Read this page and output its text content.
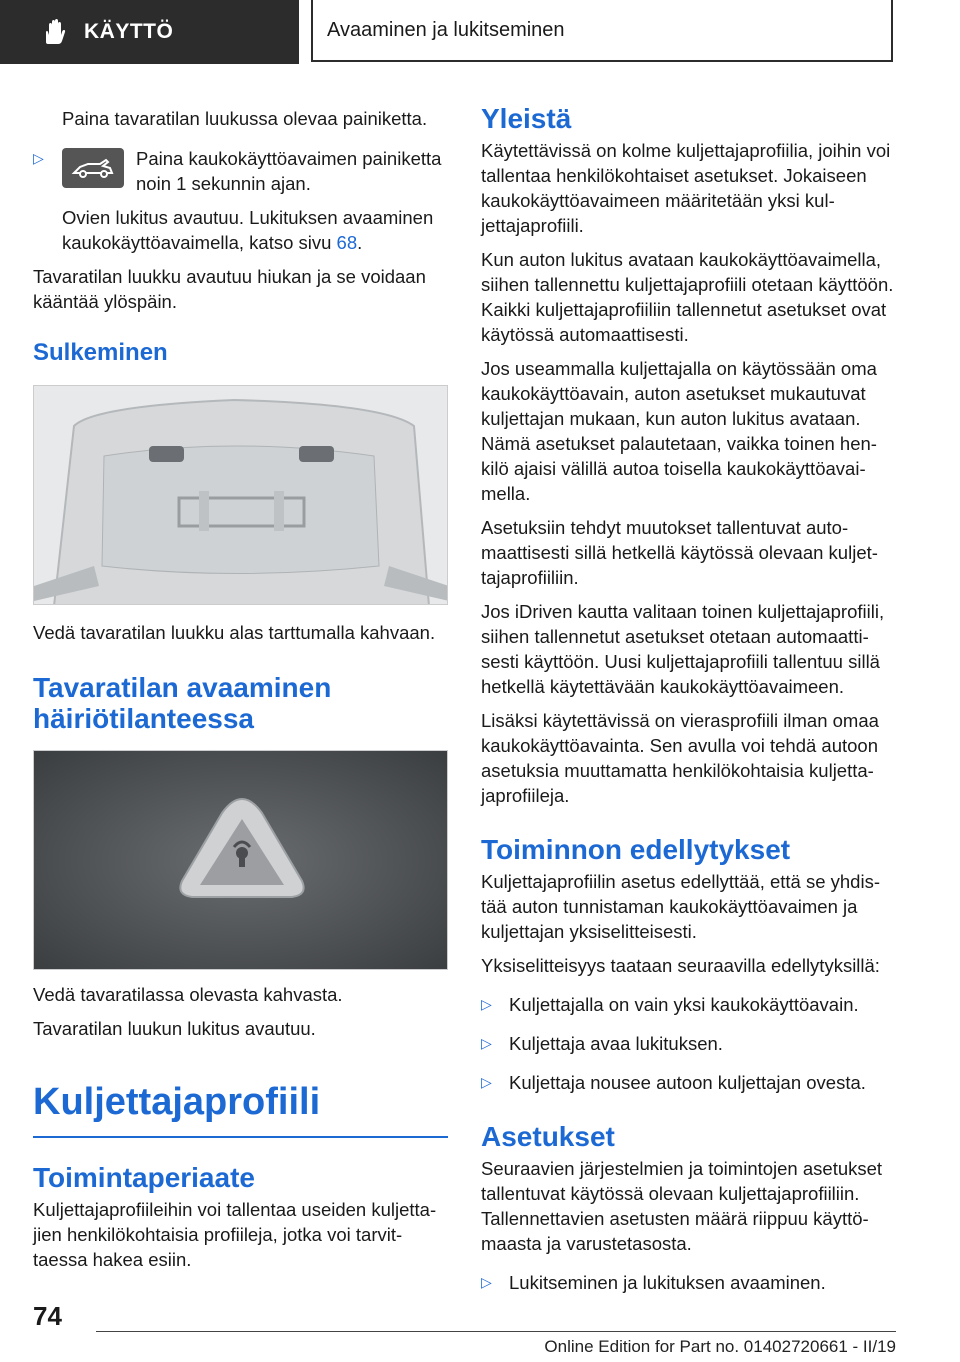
KÄYTTÖ	Avaaminen ja lukitseminen

Paina tavaratilan luukussa olevaa painiketta.

▷	Paina kaukokäyttöavaimen painiketta noin 1 sekunnin ajan.

Ovien lukitus avautuu. Lukituksen avaaminen kaukokäyttöavaimella, katso sivu 68.

Tavaratilan luukku avautuu hiukan ja se voidaan kääntää ylöspäin.

Sulkeminen

Vedä tavaratilan luukku alas tarttumalla kahvaan.

Tavaratilan avaaminen häiriötilanteessa

Vedä tavaratilassa olevasta kahvasta.

Tavaratilan luukun lukitus avautuu.

Kuljettajaprofiili
Toimintaperiaate

Kuljettajaprofiileihin voi tallentaa useiden kuljettajien henkilökohtaisia profiileja, jotka voi tarvittaessa hakea esiin.

Yleistä

Käytettävissä on kolme kuljettajaprofiilia, joihin voi tallentaa henkilökohtaiset asetukset. Jokaiseen kaukokäyttöavaimeen määritetään yksi kuljettajaprofiili.

Kun auton lukitus avataan kaukokäyttöavaimella, siihen tallennettu kuljettajaprofiili otetaan käyttöön. Kaikki kuljettajaprofiiliin tallennetut asetukset ovat käytössä automaattisesti.

Jos useammalla kuljettajalla on käytössään oma kaukokäyttöavain, auton asetukset mukautuvat kuljettajan mukaan, kun auton lukitus avataan. Nämä asetukset palautetaan, vaikka toinen henkilö ajaisi välillä autoa toisella kaukokäyttöavaimella.

Asetuksiin tehdyt muutokset tallentuvat automaattisesti sillä hetkellä käytössä olevaan kuljettajaprofiiliin.

Jos iDriven kautta valitaan toinen kuljettajaprofiili, siihen tallennetut asetukset otetaan automaattisesti käyttöön. Uusi kuljettajaprofiili tallentuu sillä hetkellä käytettävään kaukokäyttöavaimeen.

Lisäksi käytettävissä on vierasprofiili ilman omaa kaukokäyttöavainta. Sen avulla voi tehdä autoon asetuksia muuttamatta henkilökohtaisia kuljettajaprofiileja.

Toiminnon edellytykset

Kuljettajaprofiilin asetus edellyttää, että se yhdistää auton tunnistaman kaukokäyttöavaimen ja kuljettajan yksiselitteisesti.

Yksiselitteisyys taataan seuraavilla edellytyksillä:

▷ Kuljettajalla on vain yksi kaukokäyttöavain.

▷ Kuljettaja avaa lukituksen.

▷ Kuljettaja nousee autoon kuljettajan ovesta.

Asetukset

Seuraavien järjestelmien ja toimintojen asetukset tallentuvat käytössä olevaan kuljettajaprofiiliin. Tallennettavien asetusten määrä riippuu käyttömaasta ja varustetasosta.

▷ Lukitseminen ja lukituksen avaaminen.

74
Online Edition for Part no. 01402720661 - II/19
